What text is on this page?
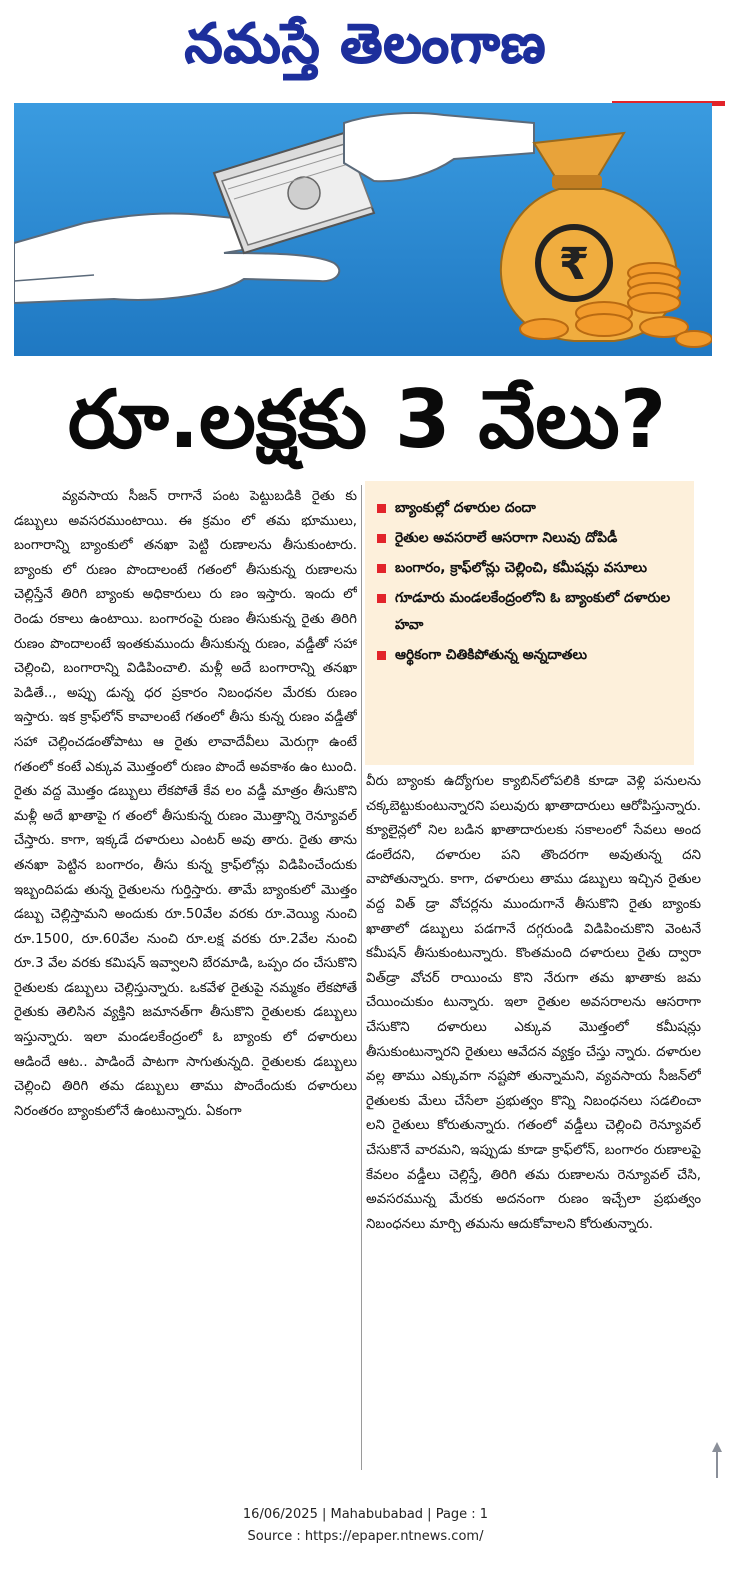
నమస్తే తెలంగాణ
₹
రూ.లక్షకు 3 వేలు?

వ్యవసాయ సీజన్ రాగానే పంట పెట్టుబడికి రైతు కు డబ్బులు అవసరముంటాయి. ఈ క్రమం లో తమ భూములు, బంగారాన్ని బ్యాంకులో తనఖా పెట్టి రుణాలను తీసుకుంటారు. బ్యాంకు లో రుణం పొందాలంటే గతంలో తీసుకున్న రుణాలను చెల్లిస్తేనే తిరిగి బ్యాంకు అధికారులు రు ణం ఇస్తారు. ఇందు లో రెండు రకాలు ఉంటాయి. బంగారంపై రుణం తీసుకున్న రైతు తిరిగి రుణం పొందాలంటే ఇంతకుముందు తీసుకున్న రుణం, వడ్డీతో సహా చెల్లించి, బంగారాన్ని విడిపించాలి. మళ్లీ అదే బంగారాన్ని తనఖా పెడితే.., అప్పు డున్న ధర ప్రకారం నిబంధనల మేరకు రుణం ఇస్తారు. ఇక క్రాఫ్‌లోన్ కావాలంటే గతంలో తీసు కున్న రుణం వడ్డీతో సహా చెల్లించడంతోపాటు ఆ రైతు లావాదేవీలు మెరుగ్గా ఉంటే గతంలో కంటే ఎక్కువ మొత్తంలో రుణం పొందే అవకాశం ఉం టుంది. రైతు వద్ద మొత్తం డబ్బులు లేకపోతే కేవ లం వడ్డీ మాత్రం తీసుకొని మళ్లీ అదే ఖాతాపై గ తంలో తీసుకున్న రుణం మొత్తాన్ని రెన్యూవల్ చేస్తారు. కాగా, ఇక్కడే దళారులు ఎంటర్ అవు తారు. రైతు తాను తనఖా పెట్టిన బంగారం, తీసు కున్న క్రాఫ్‌లోన్లు విడిపించేందుకు ఇబ్బందిపడు తున్న రైతులను గుర్తిస్తారు. తామే బ్యాంకులో మొత్తం డబ్బు చెల్లిస్తామని అందుకు రూ.50వేల వరకు రూ.వెయ్యి నుంచి రూ.1500, రూ.60వేల నుంచి రూ.లక్ష వరకు రూ.2వేల నుంచి రూ.3 వేల వరకు కమిషన్ ఇవ్వాలని బేరమాడి, ఒప్పం దం చేసుకొని రైతులకు డబ్బులు చెల్లిస్తున్నారు. ఒకవేళ రైతుపై నమ్మకం లేకపోతే రైతుకు తెలిసిన వ్యక్తిని జమానత్‌గా తీసుకొని రైతులకు డబ్బులు ఇస్తున్నారు. ఇలా మండలకేంద్రంలో ఓ బ్యాంకు లో దళారులు ఆడిందే ఆట.. పాడిందే పాటగా సాగుతున్నది. రైతులకు డబ్బులు చెల్లించి తిరిగి తమ డబ్బులు తాము పొందేందుకు దళారులు నిరంతరం బ్యాంకులోనే ఉంటున్నారు. ఏకంగా

బ్యాంకుల్లో దళారుల దందా
రైతుల అవసరాలే ఆసరాగా నిలువు దోపిడీ
బంగారం, క్రాఫ్‌లోన్లు చెల్లించి, కమీషన్లు వసూలు
గూడూరు మండలకేంద్రంలోని ఓ బ్యాంకులో దళారుల హవా
ఆర్థికంగా చితికిపోతున్న అన్నదాతలు

వీరు బ్యాంకు ఉద్యోగుల క్యాబిన్‌లోపలికి కూడా వెళ్లి పనులను చక్కబెట్టుకుంటున్నారని పలువురు ఖాతాదారులు ఆరోపిస్తున్నారు. క్యూలైన్లలో నిల బడిన ఖాతాదారులకు సకాలంలో సేవలు అంద డంలేదని, దళారుల పని తొందరగా అవుతున్న దని వాపోతున్నారు. కాగా, దళారులు తాము డబ్బులు ఇచ్చిన రైతుల వద్ద విత్ డ్రా వోచర్లను ముందుగానే తీసుకొని రైతు బ్యాంకు ఖాతాలో డబ్బులు పడగానే దగ్గరుండి విడిపించుకొని వెంటనే కమీషన్ తీసుకుంటున్నారు. కొంతమంది దళారులు రైతు ద్వారా విత్‌డ్రా వోచర్ రాయించు కొని నేరుగా తమ ఖాతాకు జమ చేయించుకుం టున్నారు. ఇలా రైతుల అవసరాలను ఆసరాగా చేసుకొని దళారులు ఎక్కువ మొత్తంలో కమీషన్లు తీసుకుంటున్నారని రైతులు ఆవేదన వ్యక్తం చేస్తు న్నారు. దళారుల వల్ల తాము ఎక్కువగా నష్టపో తున్నామని, వ్యవసాయ సీజన్‌లో రైతులకు మేలు చేసేలా ప్రభుత్వం కొన్ని నిబంధనలు సడలించా లని రైతులు కోరుతున్నారు. గతంలో వడ్డీలు చెల్లించి రెన్యూవల్ చేసుకొనే వారమని, ఇప్పుడు కూడా క్రాఫ్‌లోన్, బంగారం రుణాలపై కేవలం వడ్డీలు చెల్లిస్తే, తిరిగి తమ రుణాలను రెన్యూవల్ చేసి, అవసరమున్న మేరకు అదనంగా రుణం ఇచ్చేలా ప్రభుత్వం నిబంధనలు మార్చి తమను ఆదుకోవాలని కోరుతున్నారు.

16/06/2025 | Mahabubabad | Page : 1
Source : https://epaper.ntnews.com/
